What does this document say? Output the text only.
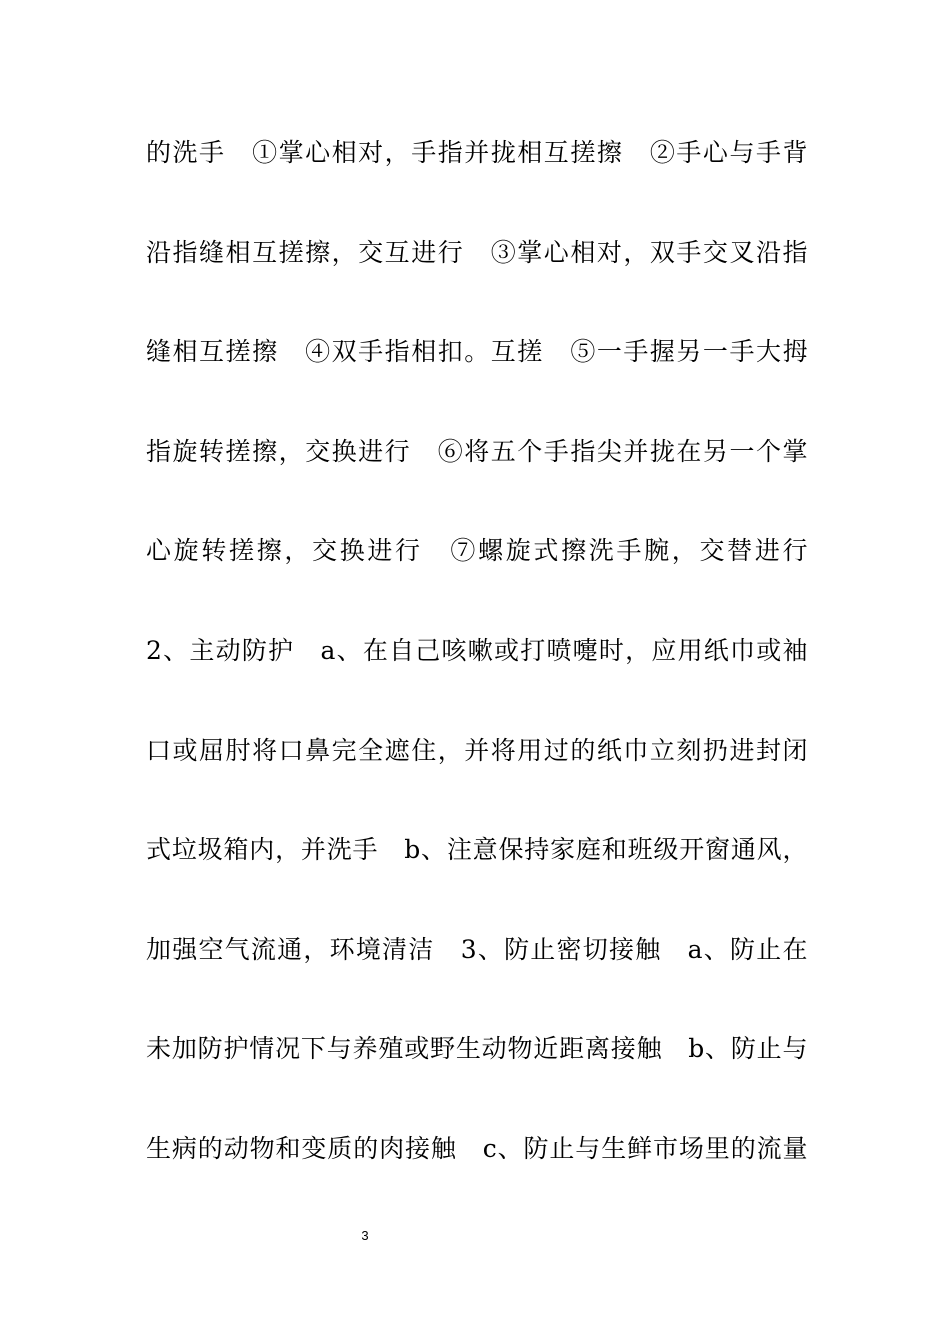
的洗手　①掌心相对，手指并拢相互搓擦　②手心与手背
沿指缝相互搓擦，交互进行　③掌心相对，双手交叉沿指
缝相互搓擦　④双手指相扣。互搓　⑤一手握另一手大拇
指旋转搓擦，交换进行　⑥将五个手指尖并拢在另一个掌
心旋转搓擦，交换进行　⑦螺旋式擦洗手腕，交替进行
2、主动防护　a、在自己咳嗽或打喷嚏时，应用纸巾或袖
口或屈肘将口鼻完全遮住，并将用过的纸巾立刻扔进封闭
式垃圾箱内，并洗手　b、注意保持家庭和班级开窗通风，
加强空气流通，环境清洁　3、防止密切接触　a、防止在
未加防护情况下与养殖或野生动物近距离接触　b、防止与
生病的动物和变质的肉接触　c、防止与生鲜市场里的流量
3
